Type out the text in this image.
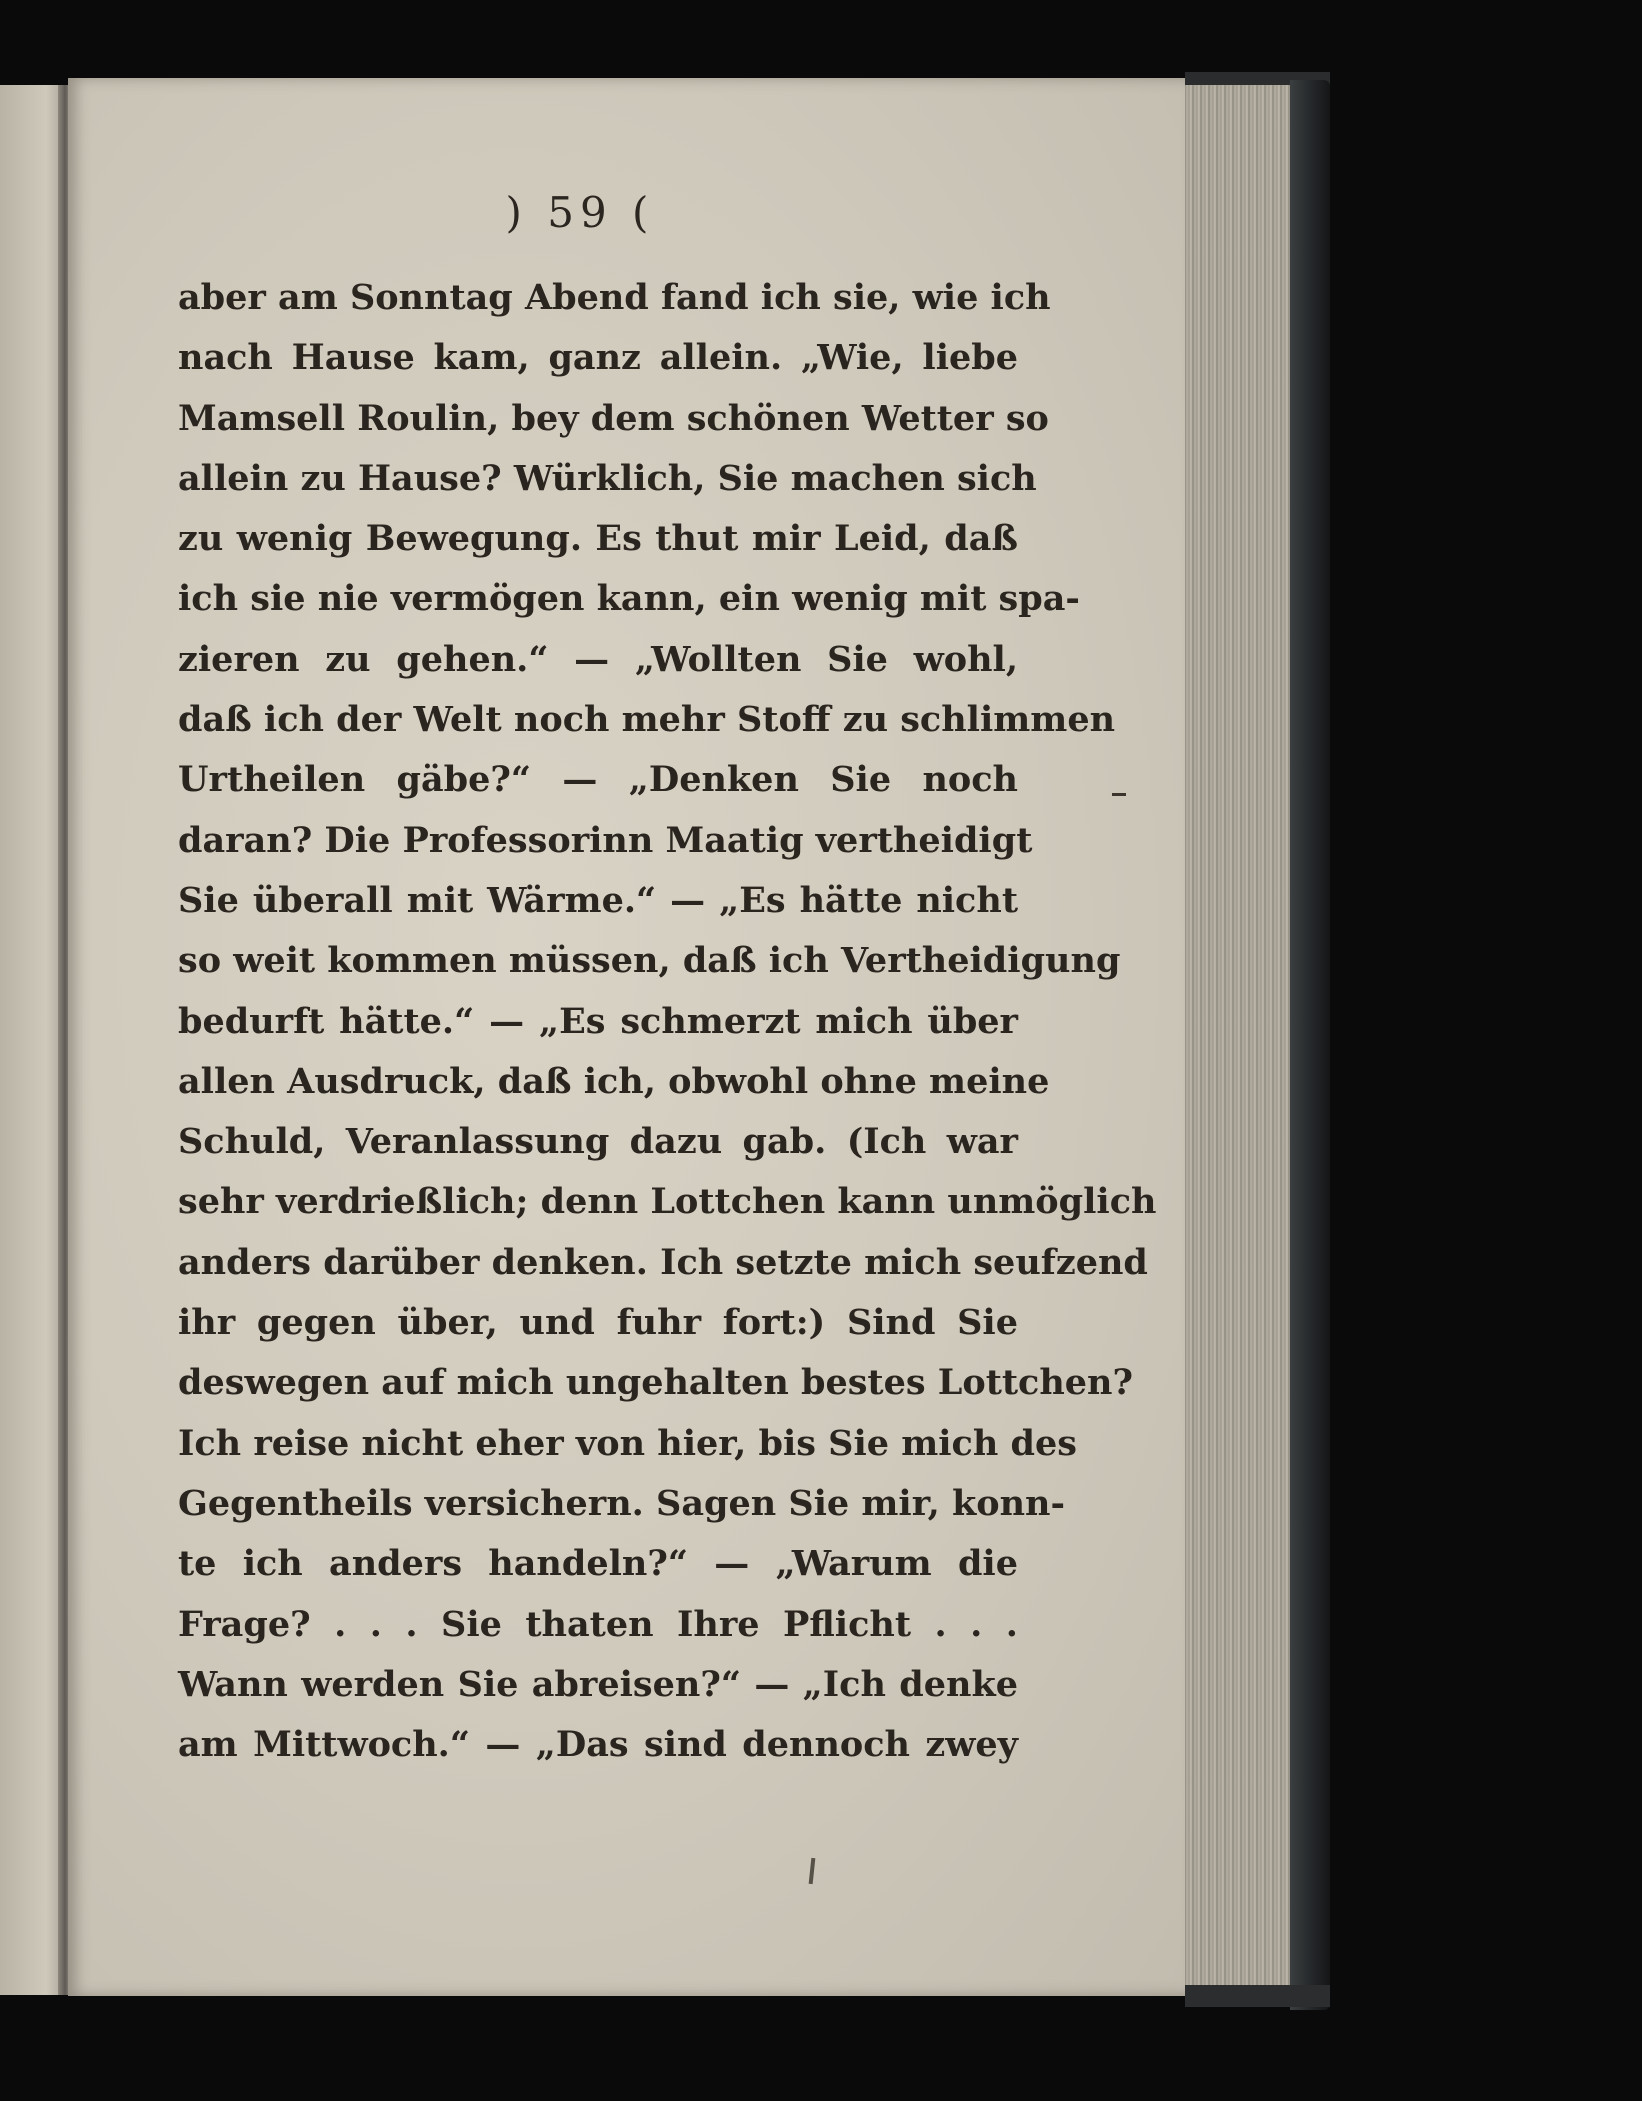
) 59 (
aber am Sonntag Abend fand ich sie, wie ich
nach Hause kam, ganz allein. „Wie, liebe
Mamsell Roulin, bey dem schönen Wetter so
allein zu Hause? Würklich, Sie machen sich
zu wenig Bewegung. Es thut mir Leid, daß
ich sie nie vermögen kann, ein wenig mit spa-
zieren zu gehen.“ — „Wollten Sie wohl,
daß ich der Welt noch mehr Stoff zu schlimmen
Urtheilen gäbe?“ — „Denken Sie noch
daran? Die Professorinn Maatig vertheidigt
Sie überall mit Wärme.“ — „Es hätte nicht
so weit kommen müssen, daß ich Vertheidigung
bedurft hätte.“ — „Es schmerzt mich über
allen Ausdruck, daß ich, obwohl ohne meine
Schuld, Veranlassung dazu gab. (Ich war
sehr verdrießlich; denn Lottchen kann unmöglich
anders darüber denken. Ich setzte mich seufzend
ihr gegen über, und fuhr fort:) Sind Sie
deswegen auf mich ungehalten bestes Lottchen?
Ich reise nicht eher von hier, bis Sie mich des
Gegentheils versichern. Sagen Sie mir, konn-
te ich anders handeln?“ — „Warum die
Frage? . . . Sie thaten Ihre Pflicht . . .
Wann werden Sie abreisen?“ — „Ich denke
am Mittwoch.“ — „Das sind dennoch zwey
